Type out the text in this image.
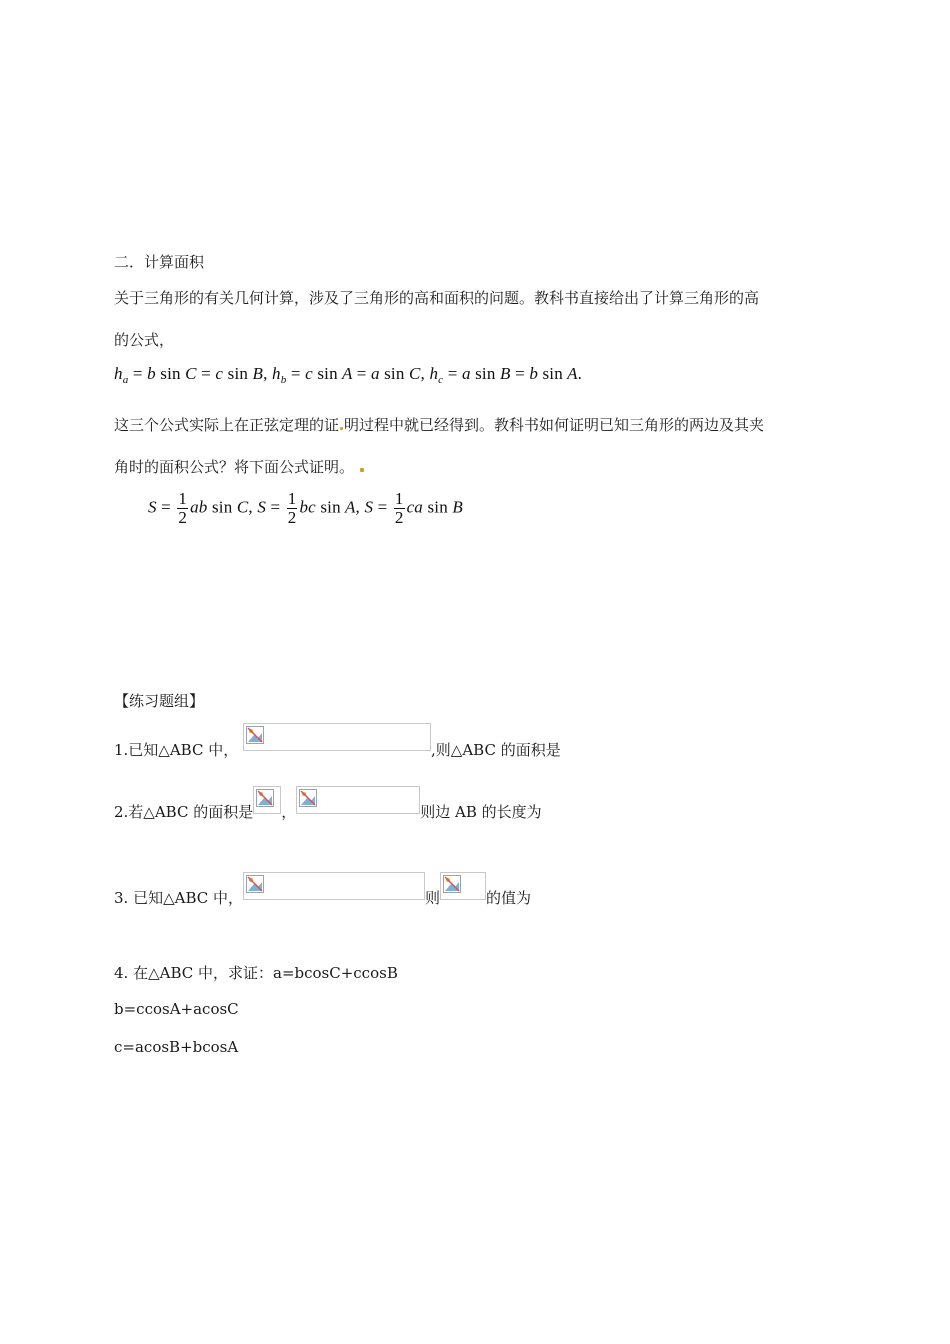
二．计算面积
关于三角形的有关几何计算，涉及了三角形的高和面积的问题。教科书直接给出了计算三角形的高
的公式，
$h_a = b$ sin C = c sin B, $h_b = c$ sin A = a sin C, $h_c = a$ sin B = b sin A.
这三个公式实际上在正弦定理的证 明过程中就已经得到。教科书如何证明已知三角形的两边及其夹
角时的面积公式？将下面公式证明。
$S = \frac{1}{2}$ ab sin C, $S = \frac{1}{2}$ bc sin A, $S = \frac{1}{2}$ ca sin B
【练习题组】
1.已知△ABC 中，	,则△ABC 的面积是
2.若△ABC 的面积是 ，	则边 AB 的长度为
3. 已知△ABC 中，	则	的值为
4. 在△ABC 中，求证：a=bcosC+ccosB
b=ccosA+acosC
c=acosB+bcosA
